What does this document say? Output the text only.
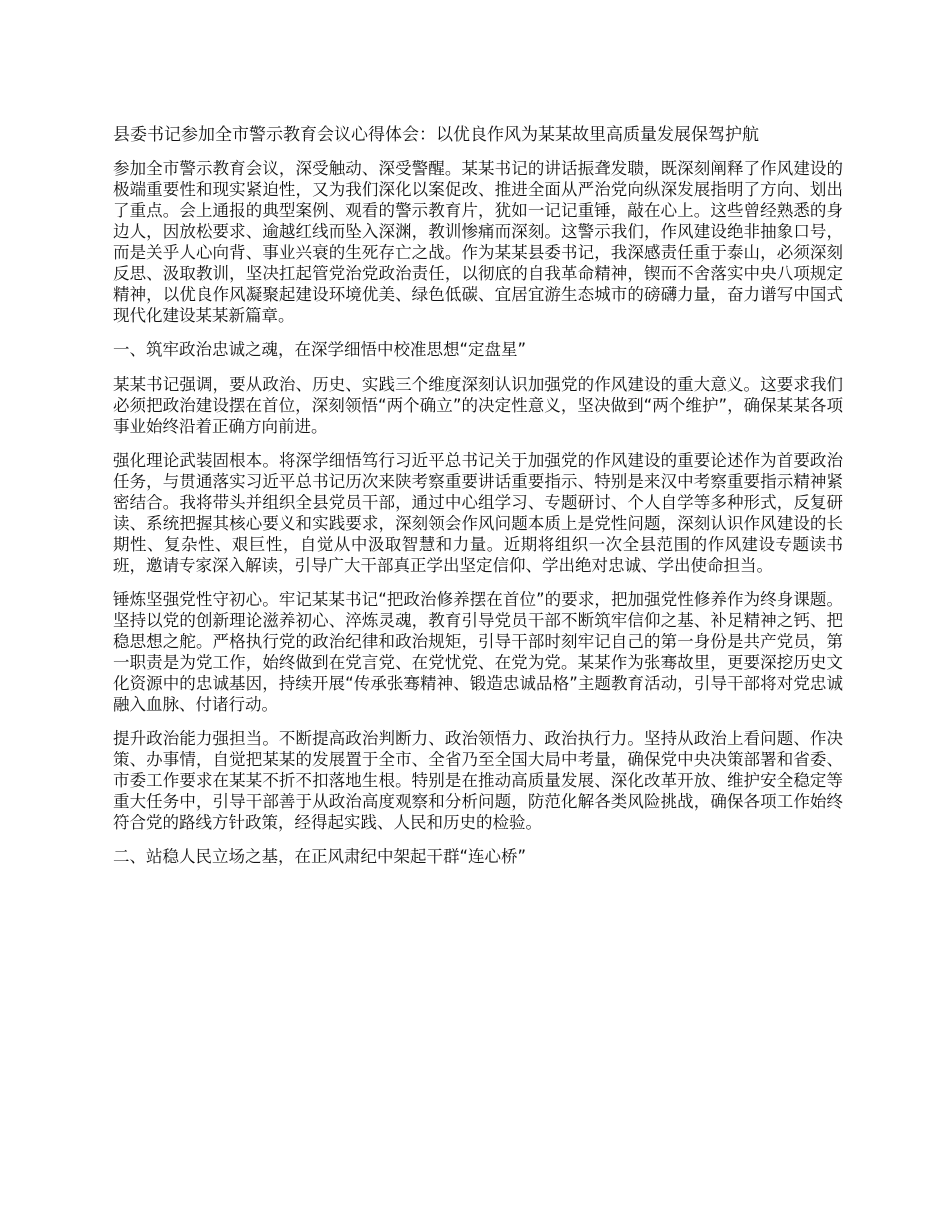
县委书记参加全市警示教育会议心得体会：以优良作风为某某故里高质量发展保驾护航

参加全市警示教育会议，深受触动、深受警醒。某某书记的讲话振聋发聩，既深刻阐释了作风建设的极端重要性和现实紧迫性，又为我们深化以案促改、推进全面从严治党向纵深发展指明了方向、划出了重点。会上通报的典型案例、观看的警示教育片，犹如一记记重锤，敲在心上。这些曾经熟悉的身边人，因放松要求、逾越红线而坠入深渊，教训惨痛而深刻。这警示我们，作风建设绝非抽象口号，而是关乎人心向背、事业兴衰的生死存亡之战。作为某某县委书记，我深感责任重于泰山，必须深刻反思、汲取教训，坚决扛起管党治党政治责任，以彻底的自我革命精神，锲而不舍落实中央八项规定精神，以优良作风凝聚起建设环境优美、绿色低碳、宜居宜游生态城市的磅礴力量，奋力谱写中国式现代化建设某某新篇章。

一、筑牢政治忠诚之魂，在深学细悟中校准思想“定盘星”

某某书记强调，要从政治、历史、实践三个维度深刻认识加强党的作风建设的重大意义。这要求我们必须把政治建设摆在首位，深刻领悟“两个确立”的决定性意义，坚决做到“两个维护”，确保某某各项事业始终沿着正确方向前进。

强化理论武装固根本。将深学细悟笃行习近平总书记关于加强党的作风建设的重要论述作为首要政治任务，与贯通落实习近平总书记历次来陕考察重要讲话重要指示、特别是来汉中考察重要指示精神紧密结合。我将带头并组织全县党员干部，通过中心组学习、专题研讨、个人自学等多种形式，反复研读、系统把握其核心要义和实践要求，深刻领会作风问题本质上是党性问题，深刻认识作风建设的长期性、复杂性、艰巨性，自觉从中汲取智慧和力量。近期将组织一次全县范围的作风建设专题读书班，邀请专家深入解读，引导广大干部真正学出坚定信仰、学出绝对忠诚、学出使命担当。

锤炼坚强党性守初心。牢记某某书记“把政治修养摆在首位”的要求，把加强党性修养作为终身课题。坚持以党的创新理论滋养初心、淬炼灵魂，教育引导党员干部不断筑牢信仰之基、补足精神之钙、把稳思想之舵。严格执行党的政治纪律和政治规矩，引导干部时刻牢记自己的第一身份是共产党员，第一职责是为党工作，始终做到在党言党、在党忧党、在党为党。某某作为张骞故里，更要深挖历史文化资源中的忠诚基因，持续开展“传承张骞精神、锻造忠诚品格”主题教育活动，引导干部将对党忠诚融入血脉、付诸行动。

提升政治能力强担当。不断提高政治判断力、政治领悟力、政治执行力。坚持从政治上看问题、作决策、办事情，自觉把某某的发展置于全市、全省乃至全国大局中考量，确保党中央决策部署和省委、市委工作要求在某某不折不扣落地生根。特别是在推动高质量发展、深化改革开放、维护安全稳定等重大任务中，引导干部善于从政治高度观察和分析问题，防范化解各类风险挑战，确保各项工作始终符合党的路线方针政策，经得起实践、人民和历史的检验。

二、站稳人民立场之基，在正风肃纪中架起干群“连心桥”
